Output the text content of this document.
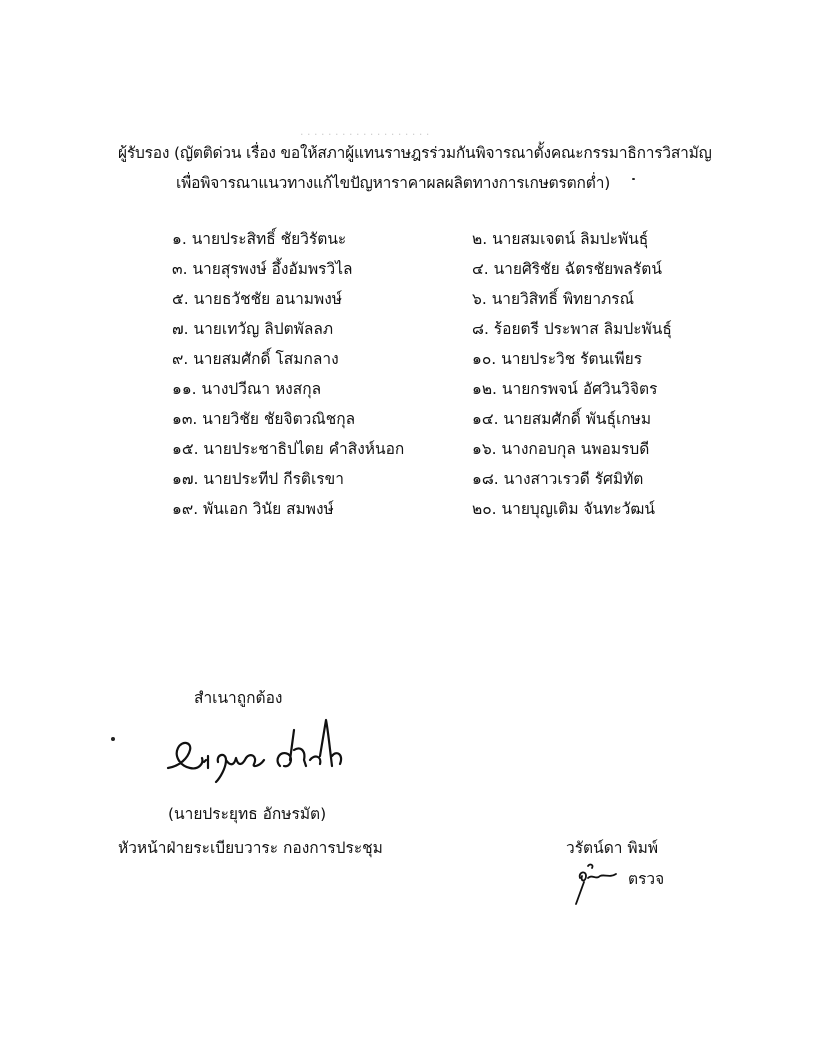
· · · · · · · · · · · · · · · · · · ·
ผู้รับรอง (ญัตติด่วน เรื่อง ขอให้สภาผู้แทนราษฎรร่วมกันพิจารณาตั้งคณะกรรมาธิการวิสามัญ
เพื่อพิจารณาแนวทางแก้ไขปัญหาราคาผลผลิตทางการเกษตรตกต่ำ)
๑. นายประสิทธิ์ ชัยวิรัตนะ
๓. นายสุรพงษ์ อึ้งอัมพรวิไล
๕. นายธวัชชัย อนามพงษ์
๗. นายเทวัญ ลิปตพัลลภ
๙. นายสมศักดิ์ โสมกลาง
๑๑. นางปวีณา หงสกุล
๑๓. นายวิชัย ชัยจิตวณิชกุล
๑๕. นายประชาธิปไตย คำสิงห์นอก
๑๗. นายประทีป กีรติเรขา
๑๙. พันเอก วินัย สมพงษ์
๒. นายสมเจตน์ ลิมปะพันธุ์
๔. นายศิริชัย ฉัตรชัยพลรัตน์
๖. นายวิสิทธิ์ พิทยาภรณ์
๘. ร้อยตรี ประพาส ลิมปะพันธุ์
๑๐. นายประวิช รัตนเพียร
๑๒. นายกรพจน์ อัศวินวิจิตร
๑๔. นายสมศักดิ์ พันธุ์เกษม
๑๖. นางกอบกุล นพอมรบดี
๑๘. นางสาวเรวดี รัศมิทัต
๒๐. นายบุญเติม จันทะวัฒน์
สำเนาถูกต้อง
(นายประยุทธ อักษรมัต)
หัวหน้าฝ่ายระเบียบวาระ กองการประชุม	วรัตน์ดา พิมพ์
ตรวจ
